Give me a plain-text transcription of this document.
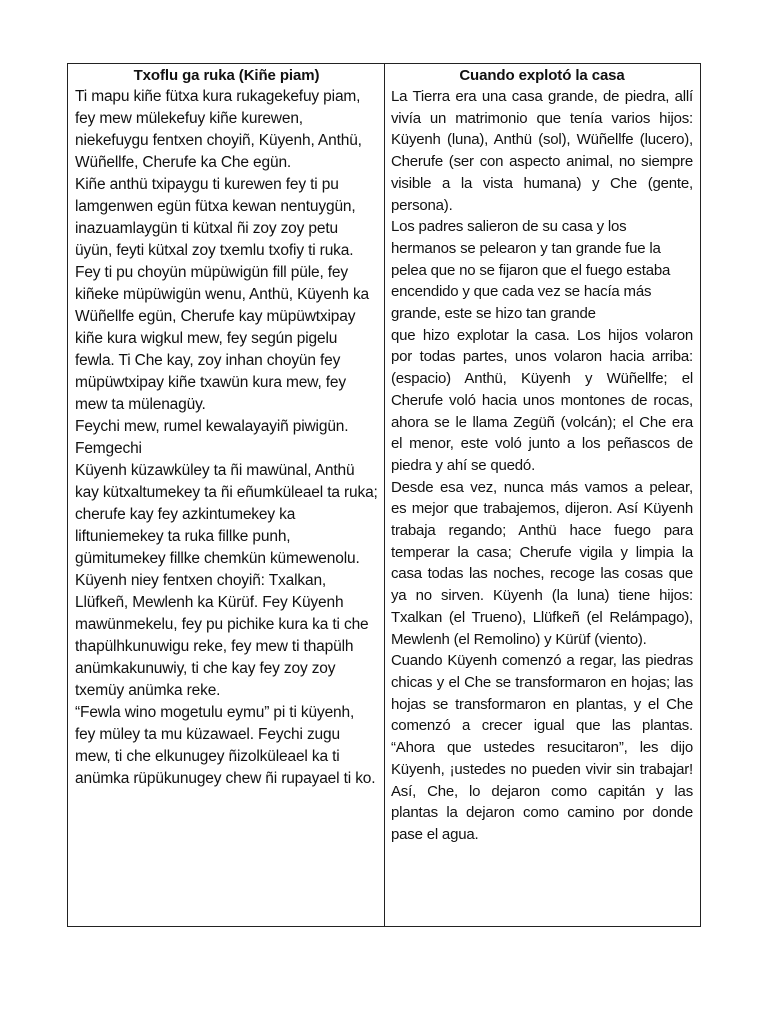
Txoflu ga ruka (Kiñe piam)

Ti mapu kiñe fütxa kura rukagekefuy piam, fey mew mülekefuy kiñe kurewen, niekefuygu fentxen choyiñ, Küyenh, Anthü, Wüñellfe, Cherufe ka Che egün.

Kiñe anthü txipaygu ti kurewen fey ti pu lamgenwen egün fütxa kewan nentuygün, inazuamlaygün ti kütxal ñi zoy zoy petu üyün, feyti kütxal zoy txemlu txofiy ti ruka. Fey ti pu choyün müpüwigün fill püle, fey kiñeke müpüwigün wenu, Anthü, Küyenh ka Wüñellfe egün, Cherufe kay müpüwtxipay kiñe kura wigkul mew, fey según pigelu fewla. Ti Che kay, zoy inhan choyün fey müpüwtxipay kiñe txawün kura mew, fey mew ta mülenagüy.

Feychi mew, rumel kewalayayiñ piwigün. Femgechi

Küyenh küzawküley ta ñi mawünal, Anthü kay kütxaltumekey ta ñi eñumküleael ta ruka; cherufe kay fey azkintumekey ka liftuniemekey ta ruka fillke punh, gümitumekey fillke chemkün kümewenolu.

Küyenh niey fentxen choyiñ: Txalkan, Llüfkeñ, Mewlenh ka Kürüf. Fey Küyenh mawünmekelu, fey pu pichike kura ka ti che thapülhkunuwigu reke, fey mew ti thapülh anümkakunuwiy, ti che kay fey zoy zoy txemüy anümka reke.

“Fewla wino mogetulu eymu” pi ti küyenh, fey müley ta mu küzawael. Feychi zugu mew, ti che elkunugey ñizolküleael ka ti anümka rüpükunugey chew ñi rupayael ti ko.

Cuando explotó la casa

La Tierra era una casa grande, de piedra, allí vivía un matrimonio que tenía varios hijos: Küyenh (luna), Anthü (sol), Wüñellfe (lucero), Cherufe (ser con aspecto animal, no siempre visible a la vista humana) y Che (gente, persona).

Los padres salieron de su casa y los hermanos se pelearon y tan grande fue la pelea que no se fijaron que el fuego estaba encendido y que cada vez se hacía más grande, este se hizo tan grande

que hizo explotar la casa. Los hijos volaron por todas partes, unos volaron hacia arriba: (espacio) Anthü, Küyenh y Wüñellfe; el Cherufe voló hacia unos montones de rocas, ahora se le llama Zegüñ (volcán); el Che era el menor, este voló junto a los peñascos de piedra y ahí se quedó.

Desde esa vez, nunca más vamos a pelear, es mejor que trabajemos, dijeron. Así Küyenh trabaja regando; Anthü hace fuego para temperar la casa; Cherufe vigila y limpia la casa todas las noches, recoge las cosas que ya no sirven. Küyenh (la luna) tiene hijos: Txalkan (el Trueno), Llüfkeñ (el Relámpago), Mewlenh (el Remolino) y Kürüf (viento).

Cuando Küyenh comenzó a regar, las piedras chicas y el Che se transformaron en hojas; las hojas se transformaron en plantas, y el Che comenzó a crecer igual que las plantas. “Ahora que ustedes resucitaron”, les dijo Küyenh, ¡ustedes no pueden vivir sin trabajar! Así, Che, lo dejaron como capitán y las plantas la dejaron como camino por donde pase el agua.
